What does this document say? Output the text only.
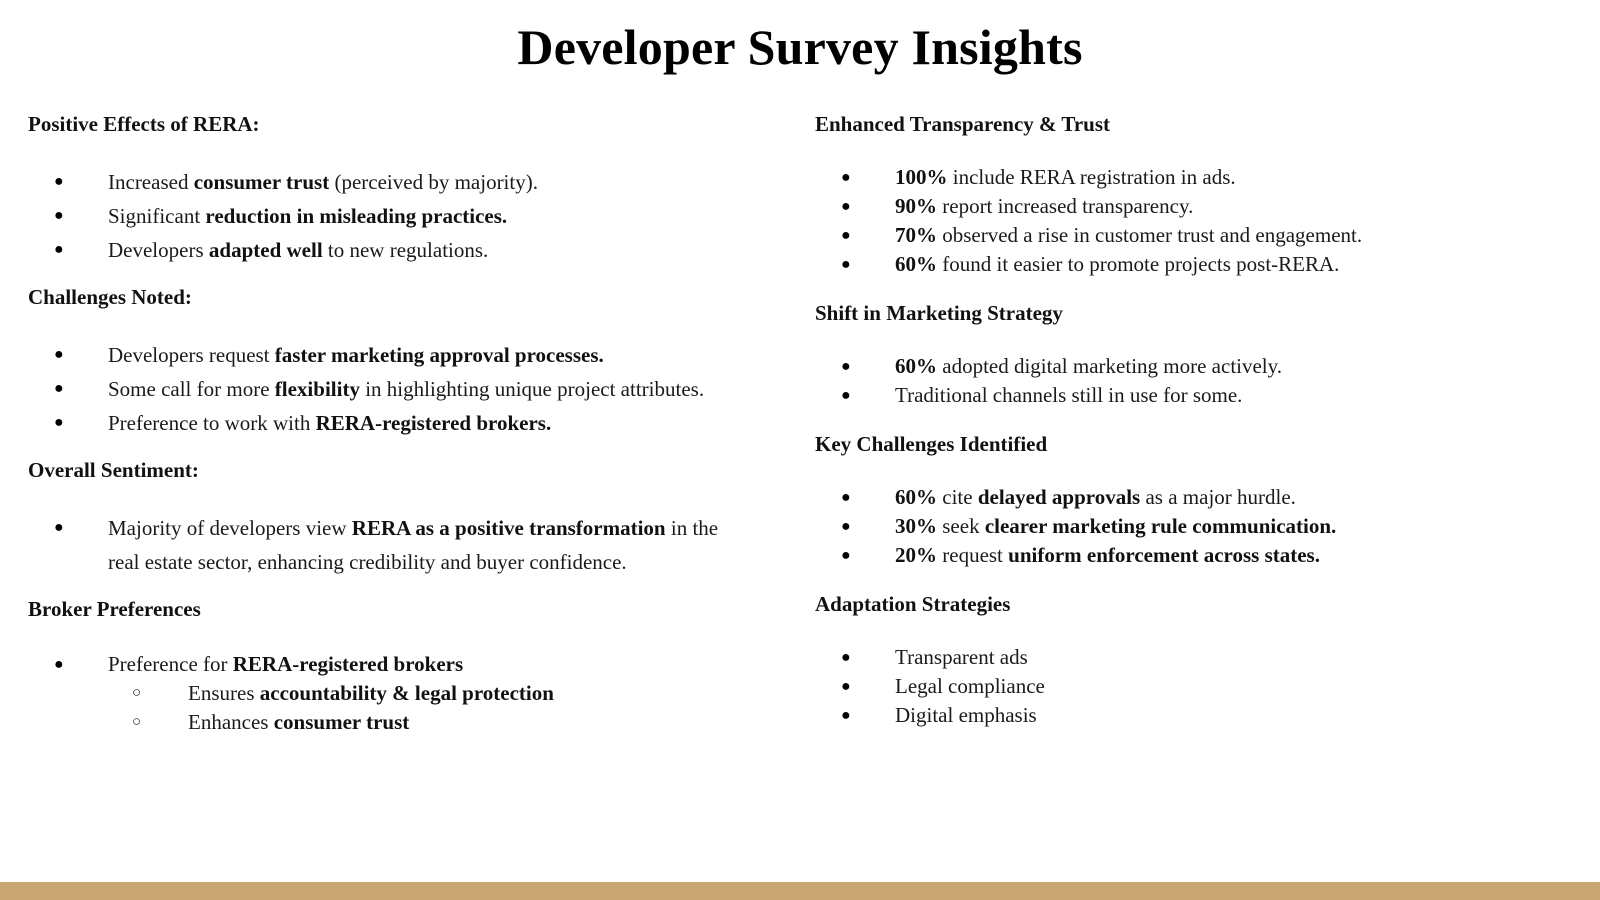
Developer Survey Insights

Positive Effects of RERA:

● Increased consumer trust (perceived by majority).
● Significant reduction in misleading practices.
● Developers adapted well to new regulations.

Challenges Noted:

● Developers request faster marketing approval processes.
● Some call for more flexibility in highlighting unique project attributes.
● Preference to work with RERA-registered brokers.

Overall Sentiment:

● Majority of developers view RERA as a positive transformation in the real estate sector, enhancing credibility and buyer confidence.

Broker Preferences

● Preference for RERA-registered brokers
○ Ensures accountability & legal protection
○ Enhances consumer trust

Enhanced Transparency & Trust

● 100% include RERA registration in ads.
● 90% report increased transparency.
● 70% observed a rise in customer trust and engagement.
● 60% found it easier to promote projects post-RERA.

Shift in Marketing Strategy

● 60% adopted digital marketing more actively.
● Traditional channels still in use for some.

Key Challenges Identified

● 60% cite delayed approvals as a major hurdle.
● 30% seek clearer marketing rule communication.
● 20% request uniform enforcement across states.

Adaptation Strategies

● Transparent ads
● Legal compliance
● Digital emphasis
